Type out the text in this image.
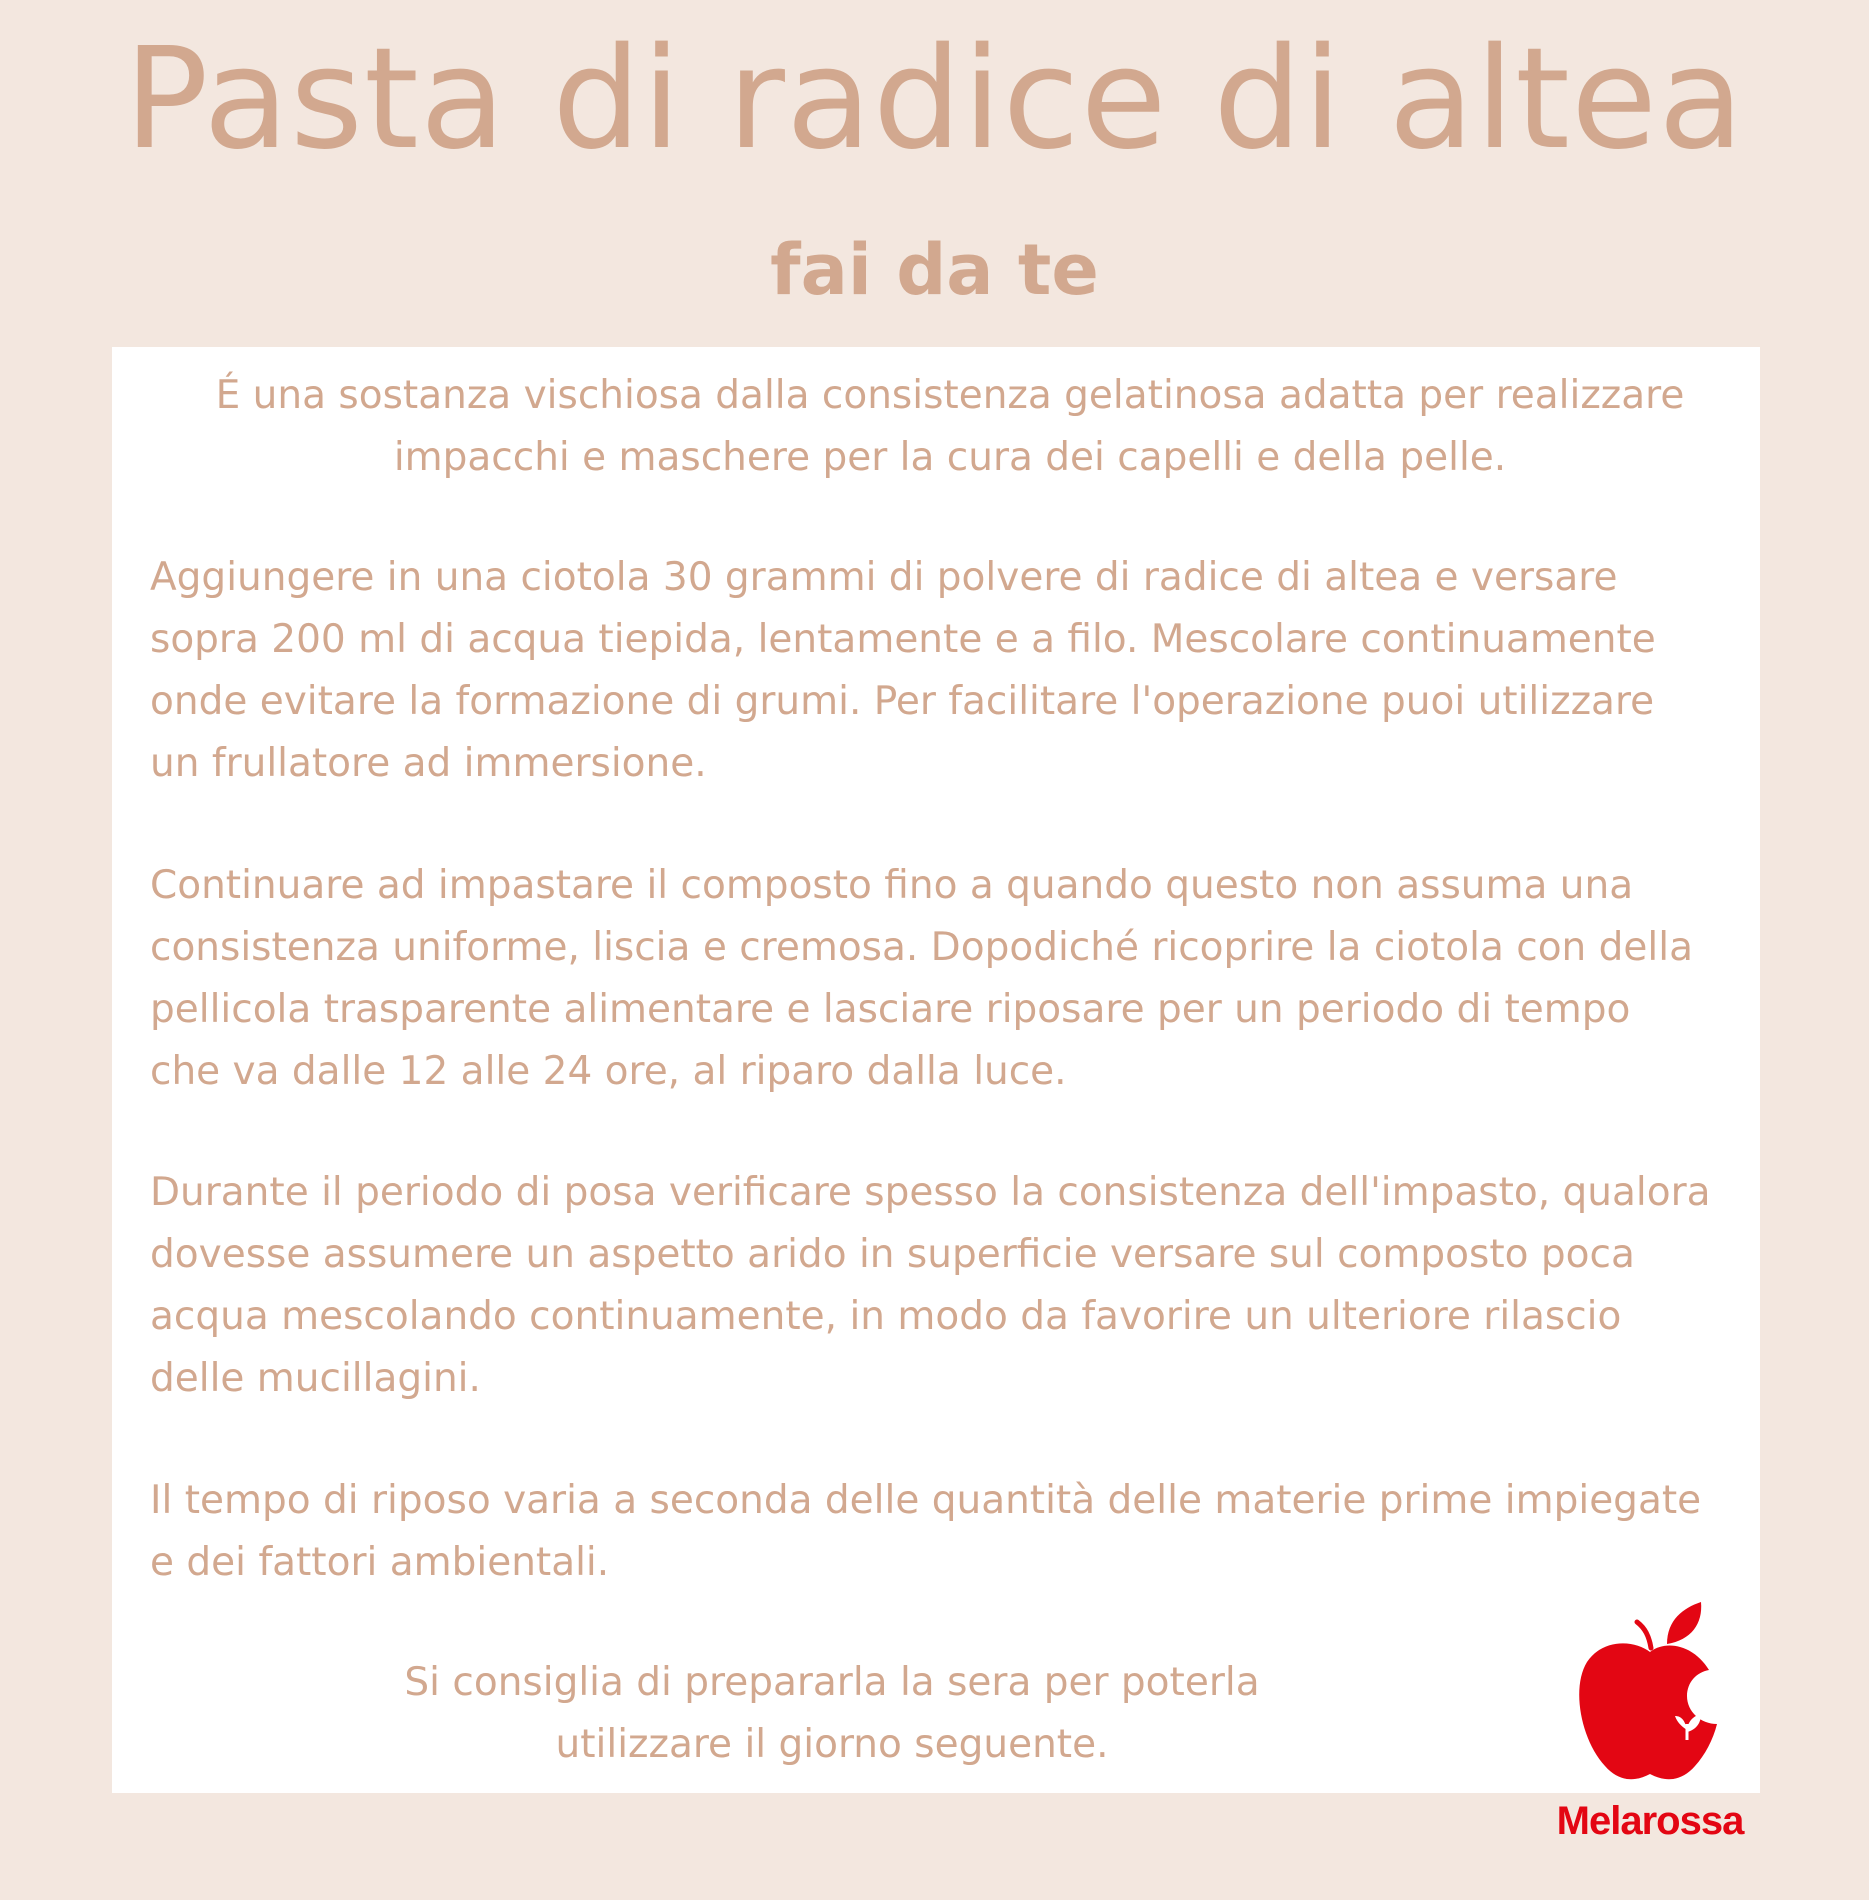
Pasta di radice di altea
fai da te

É una sostanza vischiosa dalla consistenza gelatinosa adatta per realizzare
impacchi e maschere per la cura dei capelli e della pelle.

Aggiungere in una ciotola 30 grammi di polvere di radice di altea e versare
sopra 200 ml di acqua tiepida, lentamente e a filo. Mescolare continuamente
onde evitare la formazione di grumi. Per facilitare l'operazione puoi utilizzare
un frullatore ad immersione.

Continuare ad impastare il composto fino a quando questo non assuma una
consistenza uniforme, liscia e cremosa. Dopodiché ricoprire la ciotola con della
pellicola trasparente alimentare e lasciare riposare per un periodo di tempo
che va dalle 12 alle 24 ore, al riparo dalla luce.

Durante il periodo di posa verificare spesso la consistenza dell'impasto, qualora
dovesse assumere un aspetto arido in superficie versare sul composto poca
acqua mescolando continuamente, in modo da favorire un ulteriore rilascio
delle mucillagini.

Il tempo di riposo varia a seconda delle quantità delle materie prime impiegate
e dei fattori ambientali.

Si consiglia di prepararla la sera per poterla
utilizzare il giorno seguente.

Melarossa
